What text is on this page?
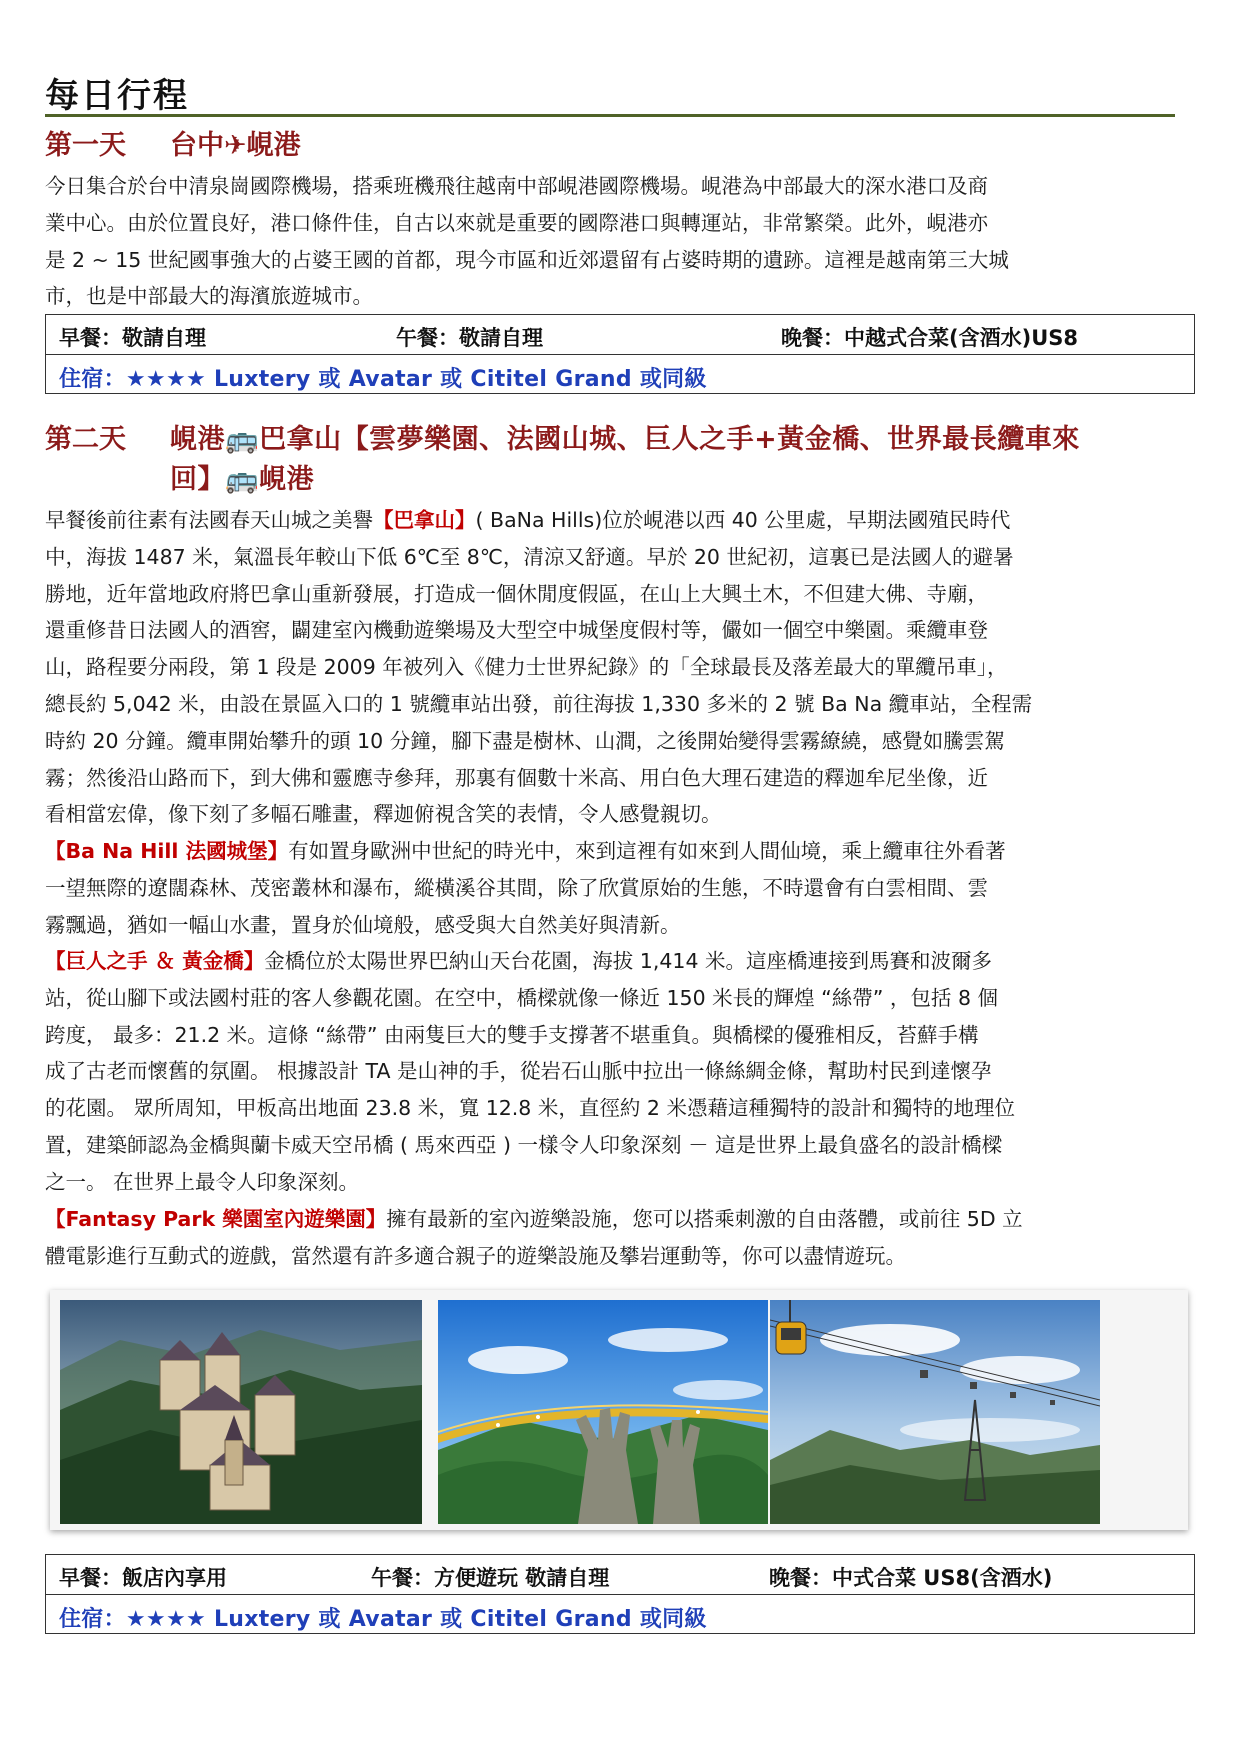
每日行程
第一天 台中✈峴港

今日集合於台中清泉崗國際機場，搭乘班機飛往越南中部峴港國際機場。峴港為中部最大的深水港口及商
業中心。由於位置良好，港口條件佳，自古以來就是重要的國際港口與轉運站，非常繁榮。此外，峴港亦
是 2 ~ 15 世紀國事強大的占婆王國的首都，現今市區和近郊還留有占婆時期的遺跡。這裡是越南第三大城
市，也是中部最大的海濱旅遊城市。

早餐：敬請自理	午餐：敬請自理	晚餐：中越式合菜(含酒水)US8
住宿：★★★★ Luxtery 或 Avatar 或 Cititel Grand 或同級
第二天 峴港🚌巴拿山【雲夢樂園、法國山城、巨人之手+黃金橋、世界最長纜車來
回】🚌峴港

早餐後前往素有法國春天山城之美譽【巴拿山】( BaNa Hills)位於峴港以西 40 公里處，早期法國殖民時代
中，海拔 1487 米，氣溫長年較山下低 6℃至 8℃，清涼又舒適。早於 20 世紀初，這裏已是法國人的避暑
勝地，近年當地政府將巴拿山重新發展，打造成一個休閒度假區，在山上大興土木，不但建大佛、寺廟，
還重修昔日法國人的酒窖，闢建室內機動遊樂場及大型空中城堡度假村等，儼如一個空中樂園。乘纜車登
山，路程要分兩段，第 1 段是 2009 年被列入《健力士世界紀錄》的「全球最長及落差最大的單纜吊車」，
總長約 5,042 米，由設在景區入口的 1 號纜車站出發，前往海拔 1,330 多米的 2 號 Ba Na 纜車站，全程需
時約 20 分鐘。纜車開始攀升的頭 10 分鐘，腳下盡是樹林、山澗，之後開始變得雲霧繚繞，感覺如騰雲駕
霧；然後沿山路而下，到大佛和靈應寺參拜，那裏有個數十米高、用白色大理石建造的釋迦牟尼坐像，近
看相當宏偉，像下刻了多幅石雕畫，釋迦俯視含笑的表情，令人感覺親切。

【Ba Na Hill 法國城堡】有如置身歐洲中世紀的時光中，來到這裡有如來到人間仙境，乘上纜車往外看著
一望無際的遼闊森林、茂密叢林和瀑布，縱橫溪谷其間，除了欣賞原始的生態，不時還會有白雲相間、雲
霧飄過，猶如一幅山水畫，置身於仙境般，感受與大自然美好與清新。

【巨人之手 ＆ 黃金橋】金橋位於太陽世界巴納山天台花園，海拔 1,414 米。這座橋連接到馬賽和波爾多
站，從山腳下或法國村莊的客人參觀花園。在空中，橋樑就像一條近 150 米長的輝煌 “絲帶” ，包括 8 個
跨度， 最多：21.2 米。這條 “絲帶” 由兩隻巨大的雙手支撐著不堪重負。與橋樑的優雅相反，苔蘚手構
成了古老而懷舊的氛圍。 根據設計 TA 是山神的手，從岩石山脈中拉出一條絲綢金條，幫助村民到達懷孕
的花園。 眾所周知，甲板高出地面 23.8 米，寬 12.8 米，直徑約 2 米憑藉這種獨特的設計和獨特的地理位
置，建築師認為金橋與蘭卡威天空吊橋 ( 馬來西亞 ) 一樣令人印象深刻 － 這是世界上最負盛名的設計橋樑
之一。 在世界上最令人印象深刻。

【Fantasy Park 樂園室內遊樂園】擁有最新的室內遊樂設施，您可以搭乘刺激的自由落體，或前往 5D 立
體電影進行互動式的遊戲，當然還有許多適合親子的遊樂設施及攀岩運動等，你可以盡情遊玩。

早餐：飯店內享用	午餐：方便遊玩 敬請自理	晚餐：中式合菜 US8(含酒水)
住宿：★★★★ Luxtery 或 Avatar 或 Cititel Grand 或同級
